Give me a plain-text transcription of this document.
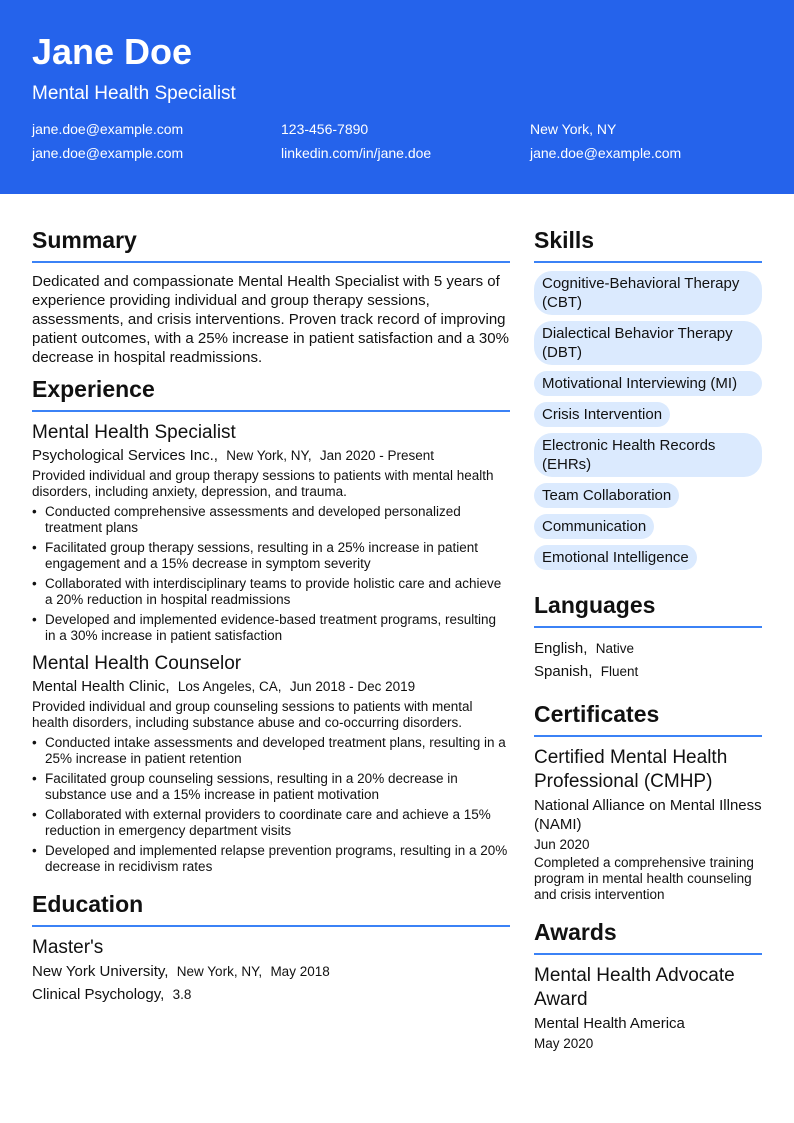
Jane Doe
Mental Health Specialist
jane.doe@example.com	123-456-7890	New York, NY
jane.doe@example.com	linkedin.com/in/jane.doe	jane.doe@example.com
Summary

Dedicated and compassionate Mental Health Specialist with 5 years of experience providing individual and group therapy sessions, assessments, and crisis interventions. Proven track record of improving patient outcomes, with a 25% increase in patient satisfaction and a 30% decrease in hospital readmissions.

Experience
Mental Health Specialist
Psychological Services Inc., New York, NY, Jan 2020 - Present
Provided individual and group therapy sessions to patients with mental health disorders, including anxiety, depression, and trauma.
• Conducted comprehensive assessments and developed personalized treatment plans
• Facilitated group therapy sessions, resulting in a 25% increase in patient engagement and a 15% decrease in symptom severity
• Collaborated with interdisciplinary teams to provide holistic care and achieve a 20% reduction in hospital readmissions
• Developed and implemented evidence-based treatment programs, resulting in a 30% increase in patient satisfaction
Mental Health Counselor
Mental Health Clinic, Los Angeles, CA, Jun 2018 - Dec 2019
Provided individual and group counseling sessions to patients with mental health disorders, including substance abuse and co-occurring disorders.
• Conducted intake assessments and developed treatment plans, resulting in a 25% increase in patient retention
• Facilitated group counseling sessions, resulting in a 20% decrease in substance use and a 15% increase in patient motivation
• Collaborated with external providers to coordinate care and achieve a 15% reduction in emergency department visits
• Developed and implemented relapse prevention programs, resulting in a 20% decrease in recidivism rates
Education
Master's
New York University, New York, NY, May 2018
Clinical Psychology, 3.8
Skills
Cognitive-Behavioral Therapy (CBT)
Dialectical Behavior Therapy (DBT)
Motivational Interviewing (MI)
Crisis Intervention
Electronic Health Records (EHRs)
Team Collaboration
Communication
Emotional Intelligence
Languages
English, Native
Spanish, Fluent
Certificates
Certified Mental Health Professional (CMHP)
National Alliance on Mental Illness (NAMI)
Jun 2020
Completed a comprehensive training program in mental health counseling and crisis intervention
Awards
Mental Health Advocate Award
Mental Health America
May 2020
